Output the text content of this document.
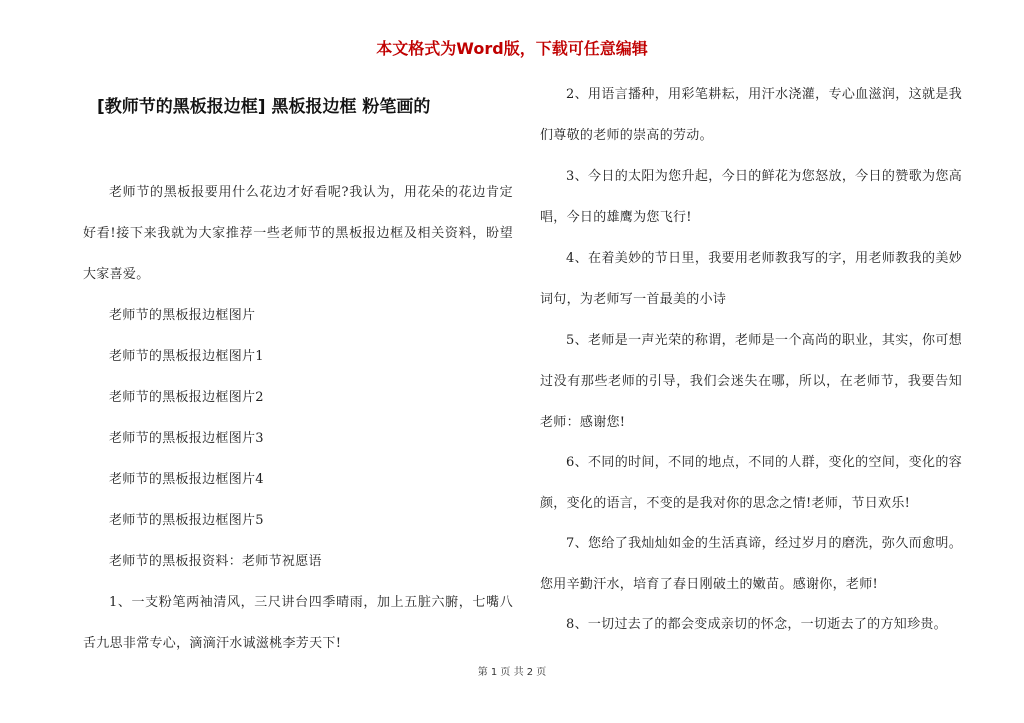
本文格式为Word版，下载可任意编辑
[教师节的黑板报边框] 黑板报边框 粉笔画的
老师节的黑板报要用什么花边才好看呢?我认为，用花朵的花边肯定好看!接下来我就为大家推荐一些老师节的黑板报边框及相关资料，盼望大家喜爱。
老师节的黑板报边框图片
老师节的黑板报边框图片1
老师节的黑板报边框图片2
老师节的黑板报边框图片3
老师节的黑板报边框图片4
老师节的黑板报边框图片5
老师节的黑板报资料：老师节祝愿语
1、一支粉笔两袖清风，三尺讲台四季晴雨，加上五脏六腑，七嘴八舌九思非常专心，滴滴汗水诚滋桃李芳天下!
2、用语言播种，用彩笔耕耘，用汗水浇灌，专心血滋润，这就是我们尊敬的老师的崇高的劳动。
3、今日的太阳为您升起，今日的鲜花为您怒放，今日的赞歌为您高唱，今日的雄鹰为您飞行!
4、在着美妙的节日里，我要用老师教我写的字，用老师教我的美妙词句，为老师写一首最美的小诗
5、老师是一声光荣的称谓，老师是一个高尚的职业，其实，你可想过没有那些老师的引导，我们会迷失在哪，所以，在老师节，我要告知老师：感谢您!
6、不同的时间，不同的地点，不同的人群，变化的空间，变化的容颜，变化的语言，不变的是我对你的思念之情!老师，节日欢乐!
7、您给了我灿灿如金的生活真谛，经过岁月的磨洗，弥久而愈明。您用辛勤汗水，培育了春日刚破土的嫩苗。感谢你，老师!
8、一切过去了的都会变成亲切的怀念，一切逝去了的方知珍贵。
第 1 页 共 2 页
